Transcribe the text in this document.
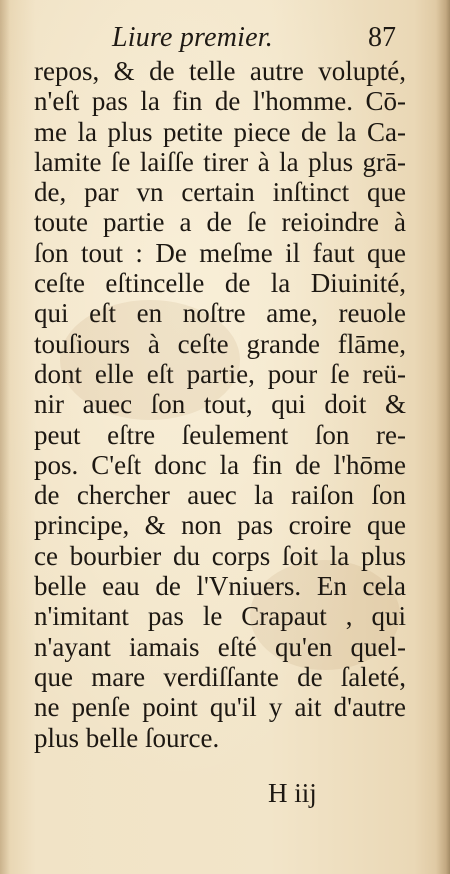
Liure premier.	87
repos, & de telle autre volupté,
n'eſt pas la fin de l'homme. Cō-
me la plus petite piece de la Ca-
lamite ſe laiſſe tirer à la plus grā-
de, par vn certain inſtinct que
toute partie a de ſe reioindre à
ſon tout : De meſme il faut que
ceſte eſtincelle de la Diuinité,
qui eſt en noſtre ame, reuole
touſiours à ceſte grande flāme,
dont elle eſt partie, pour ſe reü-
nir auec ſon tout, qui doit &
peut eſtre ſeulement ſon re-
pos. C'eſt donc la fin de l'hōme
de chercher auec la raiſon ſon
principe, & non pas croire que
ce bourbier du corps ſoit la plus
belle eau de l'Vniuers. En cela
n'imitant pas le Crapaut , qui
n'ayant iamais eſté qu'en quel-
que mare verdiſſante de ſaleté,
ne penſe point qu'il y ait d'autre
plus belle ſource.
H iij
